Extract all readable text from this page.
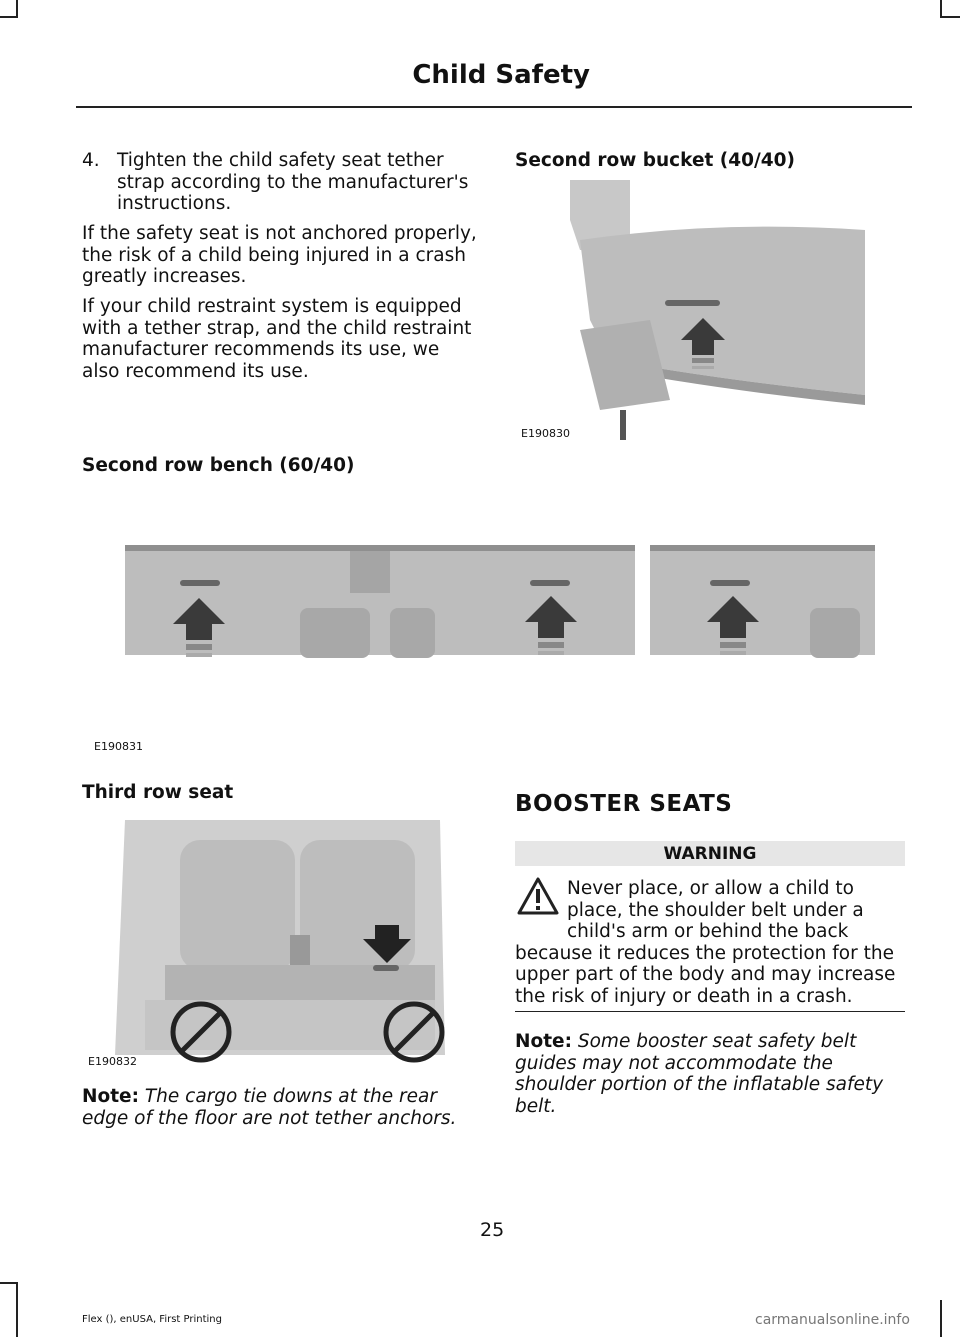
Child Safety
4. Tighten the child safety seat tether strap according to the manufacturer's instructions.
If the safety seat is not anchored properly, the risk of a child being injured in a crash greatly increases.
If your child restraint system is equipped with a tether strap, and the child restraint manufacturer recommends its use, we also recommend its use.
Second row bucket (40/40)
E190830
Second row bench (60/40)
E190831
Third row seat
E190832
Note: The cargo tie downs at the rear edge of the floor are not tether anchors.
BOOSTER SEATS
WARNING
Never place, or allow a child to place, the shoulder belt under a child's arm or behind the back because it reduces the protection for the upper part of the body and may increase the risk of injury or death in a crash.
Note: Some booster seat safety belt guides may not accommodate the shoulder portion of the inflatable safety belt.
25
Flex (), enUSA, First Printing	carmanualsonline.info
